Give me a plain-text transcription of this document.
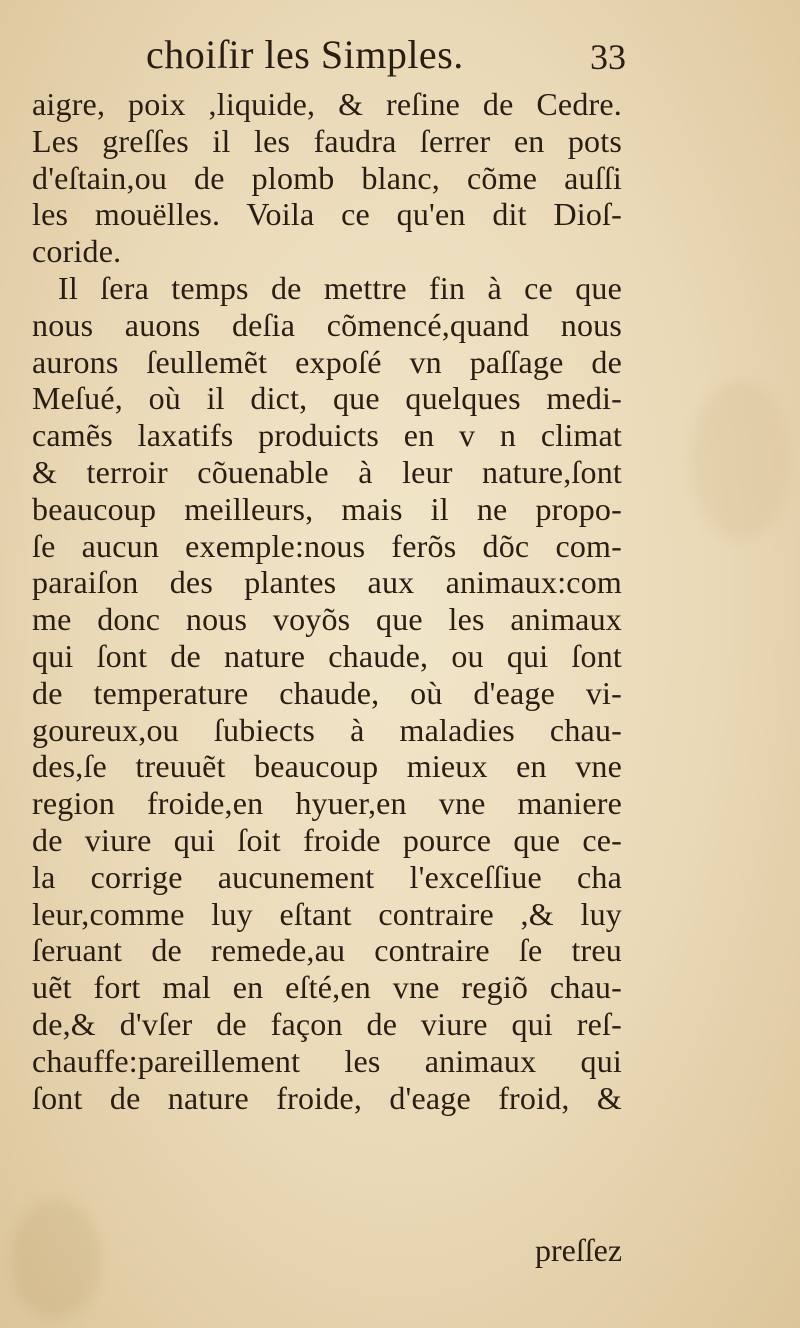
choiſir les Simples.	33
aigre, poix ,liquide, & reſine de Cedre.
Les greſſes il les faudra ſerrer en pots
d'eſtain,ou de plomb blanc, cõme auſſi
les mouëlles. Voila ce qu'en dit Dioſ-
coride.
Il ſera temps de mettre fin à ce que
nous auons deſia cõmencé,quand nous
aurons ſeullemẽt expoſé vn paſſage de
Meſué, où il dict, que quelques medi-
camẽs laxatifs produicts en v n climat
& terroir cõuenable à leur nature,ſont
beaucoup meilleurs, mais il ne propo-
ſe aucun exemple:nous ferõs dõc com-
paraiſon des plantes aux animaux:com
me donc nous voyõs que les animaux
qui ſont de nature chaude, ou qui ſont
de temperature chaude, où d'eage vi-
goureux,ou ſubiects à maladies chau-
des,ſe treuuẽt beaucoup mieux en vne
region froide,en hyuer,en vne maniere
de viure qui ſoit froide pource que ce-
la corrige aucunement l'exceſſiue cha
leur,comme luy eſtant contraire ,& luy
ſeruant de remede,au contraire ſe treu
uẽt fort mal en eſté,en vne regiõ chau-
de,& d'vſer de façon de viure qui reſ-
chauffe:pareillement les animaux qui
ſont de nature froide, d'eage froid, &
preſſez
